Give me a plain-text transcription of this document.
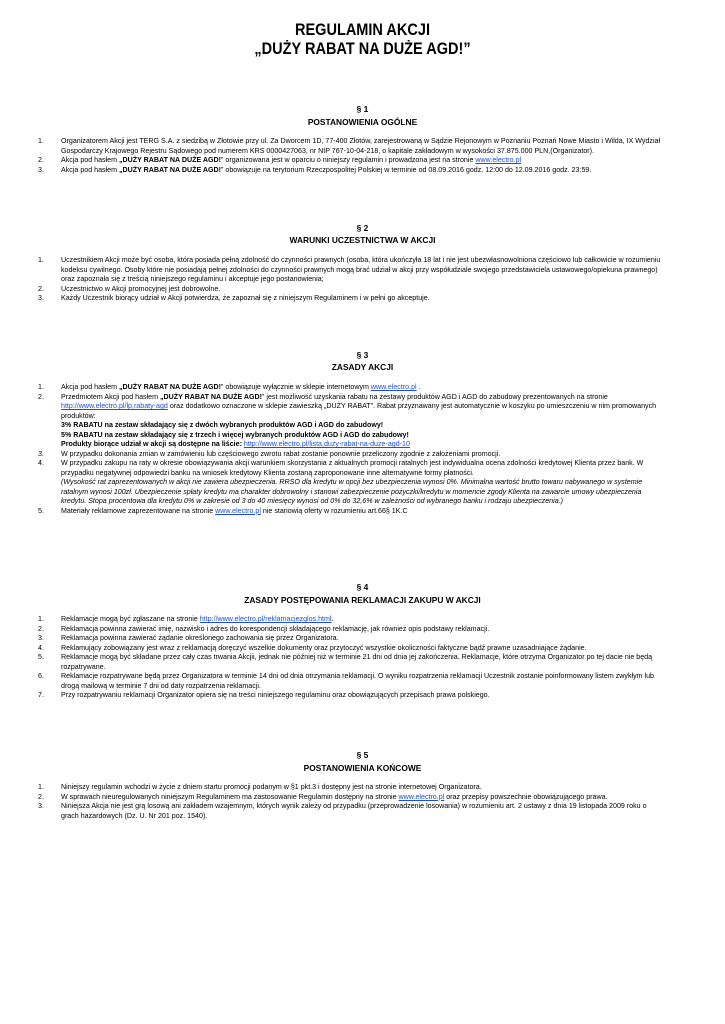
REGULAMIN AKCJI
„DUŻY RABAT NA DUŻE AGD!”
§ 1
POSTANOWIENIA OGÓLNE
1. Organizatorem Akcji jest TERG S.A. z siedzibą w Złotowie przy ul. Za Dworcem 1D, 77-400 Złotów, zarejestrowaną w Sądzie Rejonowym w Poznaniu Poznań Nowe Miasto i Wilda, IX Wydział Gospodarczy Krajowego Rejestru Sądowego pod numerem KRS 0000427063, nr NIP 767-10-04-218, o kapitale zakładowym w wysokości 37.875.000 PLN,(Organizator).
2. Akcja pod hasłem „DUŻY RABAT NA DUŻE AGD!” organizowana jest w oparciu o niniejszy regulamin i prowadzona jest na stronie www.electro.pl
3. Akcja pod hasłem „DUŻY RABAT NA DUŻE AGD!” obowiązuje na terytorium Rzeczpospolitej Polskiej w terminie od 08.09.2016 godz. 12:00 do 12.09.2016 godz. 23:59.
§ 2
WARUNKI UCZESTNICTWA W AKCJI
1. Uczestnikiem Akcji może być osoba, która posiada pełną zdolność do czynności prawnych (osoba, która ukończyła 18 lat i nie jest ubezwłasnowolniona częściowo lub całkowicie w rozumieniu kodeksu cywilnego. Osoby które nie posiadają pełnej zdolności do czynności prawnych mogą brać udział w akcji przy współudziale swojego przedstawiciela ustawowego/opiekuna prawnego) oraz zapoznała się z treścią niniejszego regulaminu i akceptuje jego postanowienia;
2. Uczestnictwo w Akcji promocyjnej jest dobrowolne.
3. Każdy Uczestnik biorący udział w Akcji potwierdza, że zapoznał się z niniejszym Regulaminem i w pełni go akceptuje.
§ 3
ZASADY AKCJI
1. Akcja pod hasłem „DUŻY RABAT NA DUŻE AGD!” obowiązuje wyłącznie w sklepie internetowym www.electro.pl .
2. Przedmiotem Akcji pod hasłem „DUŻY RABAT NA DUŻE AGD!” jest możliwość uzyskania rabatu na zestawy produktów AGD i AGD do zabudowy prezentowanych na stronie http://www.electro.pl/lp,rabaty-agd oraz dodatkowo oznaczone w sklepie zawieszką „DUŻY RABAT”. Rabat przyznawany jest automatycznie w koszyku po umieszczeniu w nim promowanych produktów:
3% RABATU na zestaw składający się z dwóch wybranych produktów AGD i AGD do zabudowy!
5% RABATU na zestaw składający się z trzech i więcej wybranych produktów AGD i AGD do zabudowy!
Produkty biorące udział w akcji są dostępne na liście: http://www.electro.pl/lista,duzy-rabat-na-duze-agd-10
3. W przypadku dokonania zmian w zamówieniu lub częściowego zwrotu rabat zostanie ponownie przeliczony zgodnie z założeniami promocji.
4. W przypadku zakupu na raty w okresie obowiązywania akcji warunkiem skorzystania z aktualnych promocji ratalnych jest indywidualna ocena zdolności kredytowej Klienta przez bank. W przypadku negatywnej odpowiedzi banku na wniosek kredytowy Klienta zostaną zaproponowane inne alternatywne formy płatności.
(Wysokość rat zaprezentowanych w akcji nie zawiera ubezpieczenia. RRSO dla kredytu w opcji bez ubezpieczenia wynosi 0%. Minimalna wartość brutto towaru nabywanego w systemie ratalnym wynosi 100zł. Ubezpieczenie spłaty kredytu ma charakter dobrowolny i stanowi zabezpieczenie pożyczki/kredytu w momencie zgody Klienta na zawarcie umowy ubezpieczenia kredytu. Stopa procentowa dla kredytu 0% w zakresie od 3 do 40 miesięcy wynosi od 0% do 32,6% w zależności od wybranego banku i rodzaju ubezpieczenia.)
5. Materiały reklamowe zaprezentowane na stronie www.electro.pl nie stanowią oferty w rozumieniu art.66§ 1K.C
§ 4
ZASADY POSTĘPOWANIA REKLAMACJI ZAKUPU W AKCJI
1. Reklamacje mogą być zgłaszane na stronie http://www.electro.pl/reklamacjezglos.html.
2. Reklamacja powinna zawierać imię, nazwisko i adres do korespondencji składającego reklamację, jak również opis podstawy reklamacji.
3. Reklamacja powinna zawierać żądanie określonego zachowania się przez Organizatora.
4. Reklamujący zobowiązany jest wraz z reklamacją doręczyć wszelkie dokumenty oraz przytoczyć wszystkie okoliczności faktyczne bądź prawne uzasadniające żądanie.
5. Reklamacje mogą być składane przez cały czas trwania Akcjii, jednak nie później niż w terminie 21 dni od dnia jej zakończenia. Reklamacje, które otrzyma Organizator po tej dacie nie będą rozpatrywane.
6. Reklamacje rozpatrywane będą przez Organizatora w terminie 14 dni od dnia otrzymania reklamacji. O wyniku rozpatrzenia reklamacji Uczestnik zostanie poinformowany listem zwykłym lub drogą mailową w terminie 7 dni od daty rozpatrzenia reklamacji.
7. Przy rozpatrywaniu reklamacji Organizator opiera się na treści niniejszego regulaminu oraz obowiązujących przepisach prawa polskiego.
§ 5
POSTANOWIENIA KOŃCOWE
1. Niniejszy regulamin wchodzi w życie z dniem startu promocji podanym w §1 pkt.3 i dostępny jest na stronie internetowej Organizatora.
2. W sprawach nieuregulowanych niniejszym Regulaminem ma zastosowanie Regulamin dostępny na stronie www.electro.pl oraz przepisy powszechnie obowiązującego prawa.
3. Niniejsza Akcja nie jest grą losową ani zakładem wzajemnym, których wynik zależy od przypadku (przeprowadzenie losowania) w rozumieniu art. 2 ustawy z dnia 19 listopada 2009 roku o grach hazardowych (Dz. U. Nr 201 poz. 1540).
